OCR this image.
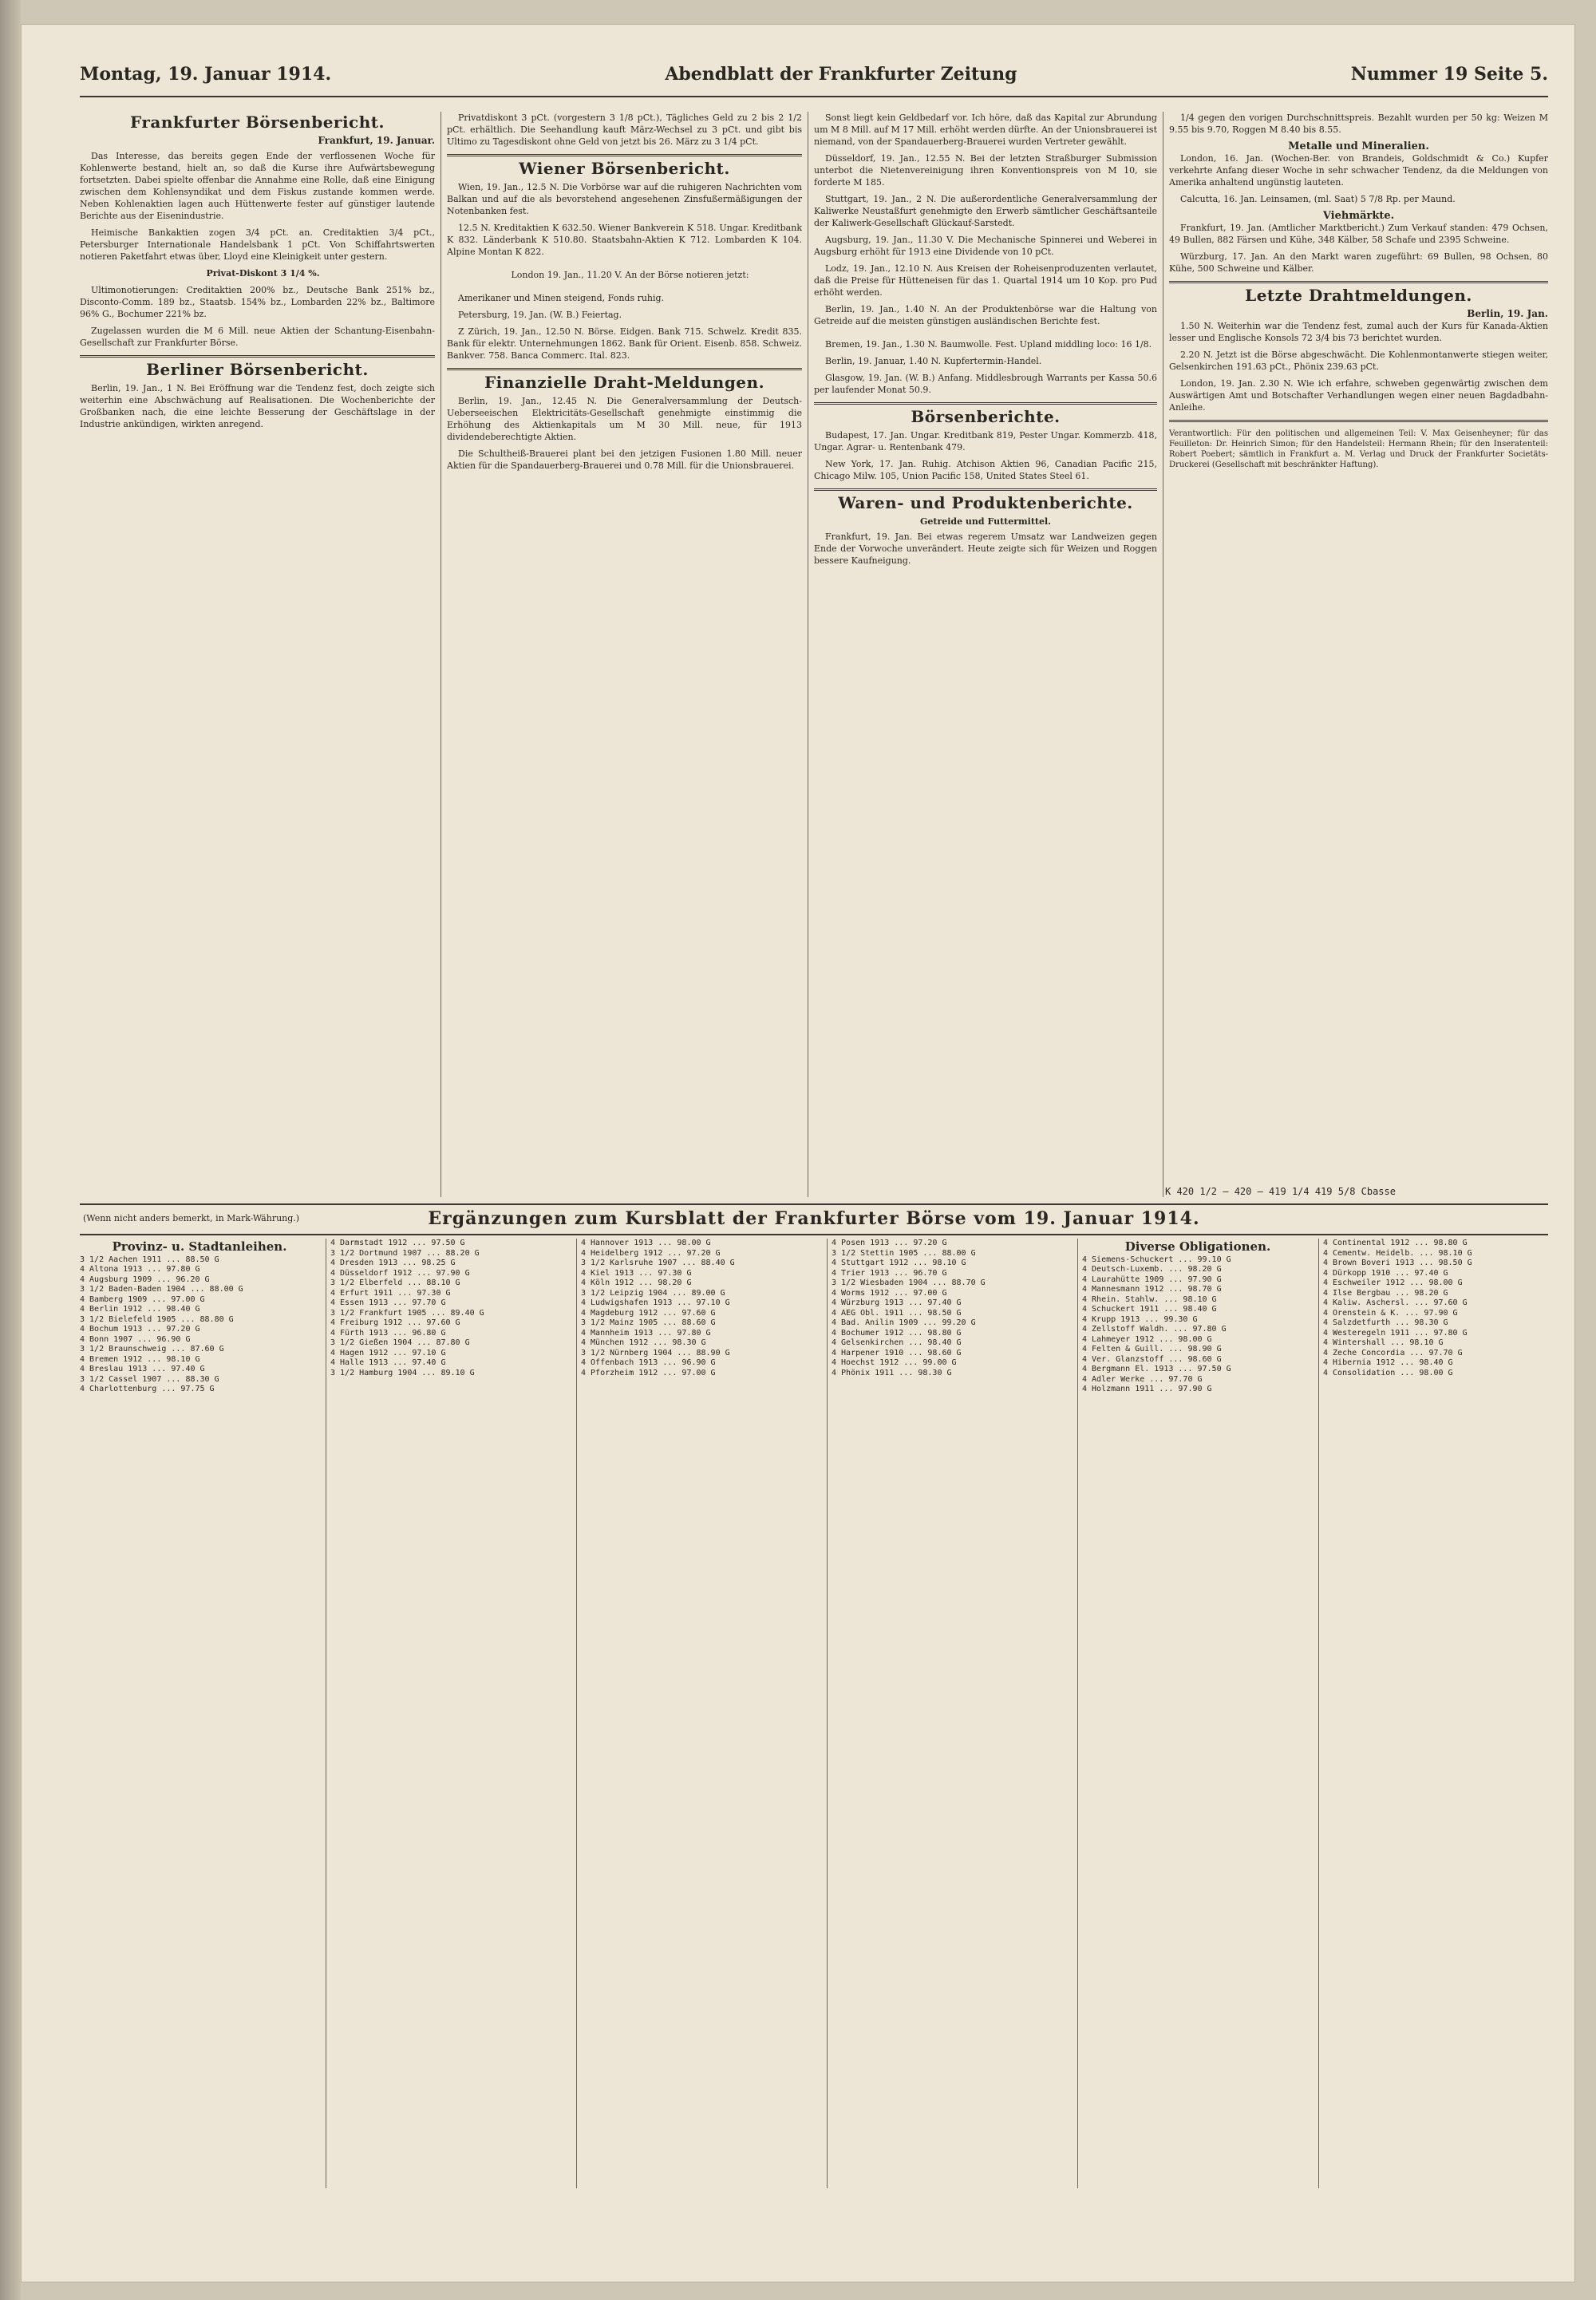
Montag, 19. Januar 1914.	Abendblatt der Frankfurter Zeitung	Nummer 19 Seite 5.
Frankfurter Börsenbericht.
Frankfurt, 19. Januar.

Das Interesse, das bereits gegen Ende der verflossenen Woche für Kohlenwerte bestand, hielt an, so daß die Kurse ihre Aufwärtsbewegung fortsetzten. Dabei spielte offenbar die Annahme eine Rolle, daß eine Einigung zwischen dem Kohlensyndikat und dem Fiskus zustande kommen werde. Neben Kohlenaktien lagen auch Hüttenwerte fester auf günstiger lautende Berichte aus der Eisenindustrie.

Heimische Bankaktien zogen 3/4 pCt. an. Creditaktien 3/4 pCt., Petersburger Internationale Handelsbank 1 pCt. Von Schiffahrtswerten notieren Paketfahrt etwas über, Lloyd eine Kleinigkeit unter gestern.

Privat-Diskont 3 1/4 %.

Ultimonotierungen: Creditaktien 200% bz., Deutsche Bank 251% bz., Disconto-Comm. 189 bz., Staatsb. 154% bz., Lombarden 22% bz., Baltimore 96% G., Bochumer 221% bz.

Zugelassen wurden die M 6 Mill. neue Aktien der Schantung-Eisenbahn-Gesellschaft zur Frankfurter Börse.

Berliner Börsenbericht.

Berlin, 19. Jan., 1 N. Bei Eröffnung war die Tendenz fest, doch zeigte sich weiterhin eine Abschwächung auf Realisationen. Die Wochenberichte der Großbanken nach, die eine leichte Besserung der Geschäftslage in der Industrie ankündigen, wirkten anregend.

Privatdiskont 3 pCt. (vorgestern 3 1/8 pCt.), Tägliches Geld zu 2 bis 2 1/2 pCt. erhältlich. Die Seehandlung kauft März-Wechsel zu 3 pCt. und gibt bis Ultimo zu Tagesdiskont ohne Geld von jetzt bis 26. März zu 3 1/4 pCt.

Wiener Börsenbericht.

Wien, 19. Jan., 12.5 N. Die Vorbörse war auf die ruhigeren Nachrichten vom Balkan und auf die als bevorstehend angesehenen Zinsfußermäßigungen der Notenbanken fest.

12.5 N. Kreditaktien K 632.50. Wiener Bankverein K 518. Ungar. Kreditbank K 832. Länderbank K 510.80. Staatsbahn-Aktien K 712. Lombarden K 104. Alpine Montan K 822.

London 19. Jan., 11.20 V. An der Börse notieren jetzt:

Amerikaner und Minen steigend, Fonds ruhig.

Petersburg, 19. Jan. (W. B.) Feiertag.

Z Zürich, 19. Jan., 12.50 N. Börse. Eidgen. Bank 715. Schwelz. Kredit 835. Bank für elektr. Unternehmungen 1862. Bank für Orient. Eisenb. 858. Schweiz. Bankver. 758. Banca Commerc. Ital. 823.

Finanzielle Draht-Meldungen.

Berlin, 19. Jan., 12.45 N. Die Generalversammlung der Deutsch-Ueberseeischen Elektricitäts-Gesellschaft genehmigte einstimmig die Erhöhung des Aktienkapitals um M 30 Mill. neue, für 1913 dividendeberechtigte Aktien.

Die Schultheiß-Brauerei plant bei den jetzigen Fusionen 1.80 Mill. neuer Aktien für die Spandauerberg-Brauerei und 0.78 Mill. für die Unionsbrauerei.

Sonst liegt kein Geldbedarf vor. Ich höre, daß das Kapital zur Abrundung um M 8 Mill. auf M 17 Mill. erhöht werden dürfte. An der Unionsbrauerei ist niemand, von der Spandauerberg-Brauerei wurden Vertreter gewählt.

Düsseldorf, 19. Jan., 12.55 N. Bei der letzten Straßburger Submission unterbot die Nietenvereinigung ihren Konventionspreis von M 10, sie forderte M 185.

Stuttgart, 19. Jan., 2 N. Die außerordentliche Generalversammlung der Kaliwerke Neustaßfurt genehmigte den Erwerb sämtlicher Geschäftsanteile der Kaliwerk-Gesellschaft Glückauf-Sarstedt.

Augsburg, 19. Jan., 11.30 V. Die Mechanische Spinnerei und Weberei in Augsburg erhöht für 1913 eine Dividende von 10 pCt.

Lodz, 19. Jan., 12.10 N. Aus Kreisen der Roheisenproduzenten verlautet, daß die Preise für Hütteneisen für das 1. Quartal 1914 um 10 Kop. pro Pud erhöht werden.

Berlin, 19. Jan., 1.40 N. An der Produktenbörse war die Haltung von Getreide auf die meisten günstigen ausländischen Berichte fest.

Bremen, 19. Jan., 1.30 N. Baumwolle. Fest. Upland middling loco: 16 1/8.

Berlin, 19. Januar, 1.40 N. Kupfertermin-Handel.

Glasgow, 19. Jan. (W. B.) Anfang. Middlesbrough Warrants per Kassa 50.6 per laufender Monat 50.9.

Börsenberichte.

Budapest, 17. Jan. Ungar. Kreditbank 819, Pester Ungar. Kommerzb. 418, Ungar. Agrar- u. Rentenbank 479.

New York, 17. Jan. Ruhig. Atchison Aktien 96, Canadian Pacific 215, Chicago Milw. 105, Union Pacific 158, United States Steel 61.

Waren- und Produktenberichte.
Getreide und Futtermittel.

Frankfurt, 19. Jan. Bei etwas regerem Umsatz war Landweizen gegen Ende der Vorwoche unverändert. Heute zeigte sich für Weizen und Roggen bessere Kaufneigung.

1/4 gegen den vorigen Durchschnittspreis. Bezahlt wurden per 50 kg: Weizen M 9.55 bis 9.70, Roggen M 8.40 bis 8.55.

Metalle und Mineralien.

London, 16. Jan. (Wochen-Ber. von Brandeis, Goldschmidt & Co.) Kupfer verkehrte Anfang dieser Woche in sehr schwacher Tendenz, da die Meldungen von Amerika anhaltend ungünstig lauteten.

Calcutta, 16. Jan. Leinsamen, (ml. Saat) 5 7/8 Rp. per Maund.

Viehmärkte.

Frankfurt, 19. Jan. (Amtlicher Marktbericht.) Zum Verkauf standen: 479 Ochsen, 49 Bullen, 882 Färsen und Kühe, 348 Kälber, 58 Schafe und 2395 Schweine.

Würzburg, 17. Jan. An den Markt waren zugeführt: 69 Bullen, 98 Ochsen, 80 Kühe, 500 Schweine und Kälber.

Letzte Drahtmeldungen.
Berlin, 19. Jan.

1.50 N. Weiterhin war die Tendenz fest, zumal auch der Kurs für Kanada-Aktien lesser und Englische Konsols 72 3/4 bis 73 berichtet wurden.

2.20 N. Jetzt ist die Börse abgeschwächt. Die Kohlenmontanwerte stiegen weiter, Gelsenkirchen 191.63 pCt., Phönix 239.63 pCt.

London, 19. Jan. 2.30 N. Wie ich erfahre, schweben gegenwärtig zwischen dem Auswärtigen Amt und Botschafter Verhandlungen wegen einer neuen Bagdadbahn-Anleihe.

Verantwortlich: Für den politischen und allgemeinen Teil: V. Max Geisenheyner; für das Feuilleton: Dr. Heinrich Simon; für den Handelsteil: Hermann Rhein; für den Inseratenteil: Robert Poebert; sämtlich in Frankfurt a. M. Verlag und Druck der Frankfurter Societäts-Druckerei (Gesellschaft mit beschränkter Haftung).

K 420 1/2 — 420 — 419 1/4 419 5/8 Cbasse
(Wenn nicht anders bemerkt, in Mark-Währung.)	Ergänzungen zum Kursblatt der Frankfurter Börse vom 19. Januar 1914.
Provinz- u. Stadtanleihen.
3 1/2 Aachen 1911 ... 88.50 G
4 Altona 1913 ... 97.80 G
4 Augsburg 1909 ... 96.20 G
3 1/2 Baden-Baden 1904 ... 88.00 G
4 Bamberg 1909 ... 97.00 G
4 Berlin 1912 ... 98.40 G
3 1/2 Bielefeld 1905 ... 88.80 G
4 Bochum 1913 ... 97.20 G
4 Bonn 1907 ... 96.90 G
3 1/2 Braunschweig ... 87.60 G
4 Bremen 1912 ... 98.10 G
4 Breslau 1913 ... 97.40 G
3 1/2 Cassel 1907 ... 88.30 G
4 Charlottenburg ... 97.75 G
4 Darmstadt 1912 ... 97.50 G
3 1/2 Dortmund 1907 ... 88.20 G
4 Dresden 1913 ... 98.25 G
4 Düsseldorf 1912 ... 97.90 G
3 1/2 Elberfeld ... 88.10 G
4 Erfurt 1911 ... 97.30 G
4 Essen 1913 ... 97.70 G
3 1/2 Frankfurt 1905 ... 89.40 G
4 Freiburg 1912 ... 97.60 G
4 Fürth 1913 ... 96.80 G
3 1/2 Gießen 1904 ... 87.80 G
4 Hagen 1912 ... 97.10 G
4 Halle 1913 ... 97.40 G
3 1/2 Hamburg 1904 ... 89.10 G
4 Hannover 1913 ... 98.00 G
4 Heidelberg 1912 ... 97.20 G
3 1/2 Karlsruhe 1907 ... 88.40 G
4 Kiel 1913 ... 97.30 G
4 Köln 1912 ... 98.20 G
3 1/2 Leipzig 1904 ... 89.00 G
4 Ludwigshafen 1913 ... 97.10 G
4 Magdeburg 1912 ... 97.60 G
3 1/2 Mainz 1905 ... 88.60 G
4 Mannheim 1913 ... 97.80 G
4 München 1912 ... 98.30 G
3 1/2 Nürnberg 1904 ... 88.90 G
4 Offenbach 1913 ... 96.90 G
4 Pforzheim 1912 ... 97.00 G
4 Posen 1913 ... 97.20 G
3 1/2 Stettin 1905 ... 88.00 G
4 Stuttgart 1912 ... 98.10 G
4 Trier 1913 ... 96.70 G
3 1/2 Wiesbaden 1904 ... 88.70 G
4 Worms 1912 ... 97.00 G
4 Würzburg 1913 ... 97.40 G
4 AEG Obl. 1911 ... 98.50 G
4 Bad. Anilin 1909 ... 99.20 G
4 Bochumer 1912 ... 98.80 G
4 Gelsenkirchen ... 98.40 G
4 Harpener 1910 ... 98.60 G
4 Hoechst 1912 ... 99.00 G
4 Phönix 1911 ... 98.30 G
Diverse Obligationen.
4 Siemens-Schuckert ... 99.10 G
4 Deutsch-Luxemb. ... 98.20 G
4 Laurahütte 1909 ... 97.90 G
4 Mannesmann 1912 ... 98.70 G
4 Rhein. Stahlw. ... 98.10 G
4 Schuckert 1911 ... 98.40 G
4 Krupp 1913 ... 99.30 G
4 Zellstoff Waldh. ... 97.80 G
4 Lahmeyer 1912 ... 98.00 G
4 Felten & Guill. ... 98.90 G
4 Ver. Glanzstoff ... 98.60 G
4 Bergmann El. 1913 ... 97.50 G
4 Adler Werke ... 97.70 G
4 Holzmann 1911 ... 97.90 G
4 Continental 1912 ... 98.80 G
4 Cementw. Heidelb. ... 98.10 G
4 Brown Boveri 1913 ... 98.50 G
4 Dürkopp 1910 ... 97.40 G
4 Eschweiler 1912 ... 98.00 G
4 Ilse Bergbau ... 98.20 G
4 Kaliw. Aschersl. ... 97.60 G
4 Orenstein & K. ... 97.90 G
4 Salzdetfurth ... 98.30 G
4 Westeregeln 1911 ... 97.80 G
4 Wintershall ... 98.10 G
4 Zeche Concordia ... 97.70 G
4 Hibernia 1912 ... 98.40 G
4 Consolidation ... 98.00 G
